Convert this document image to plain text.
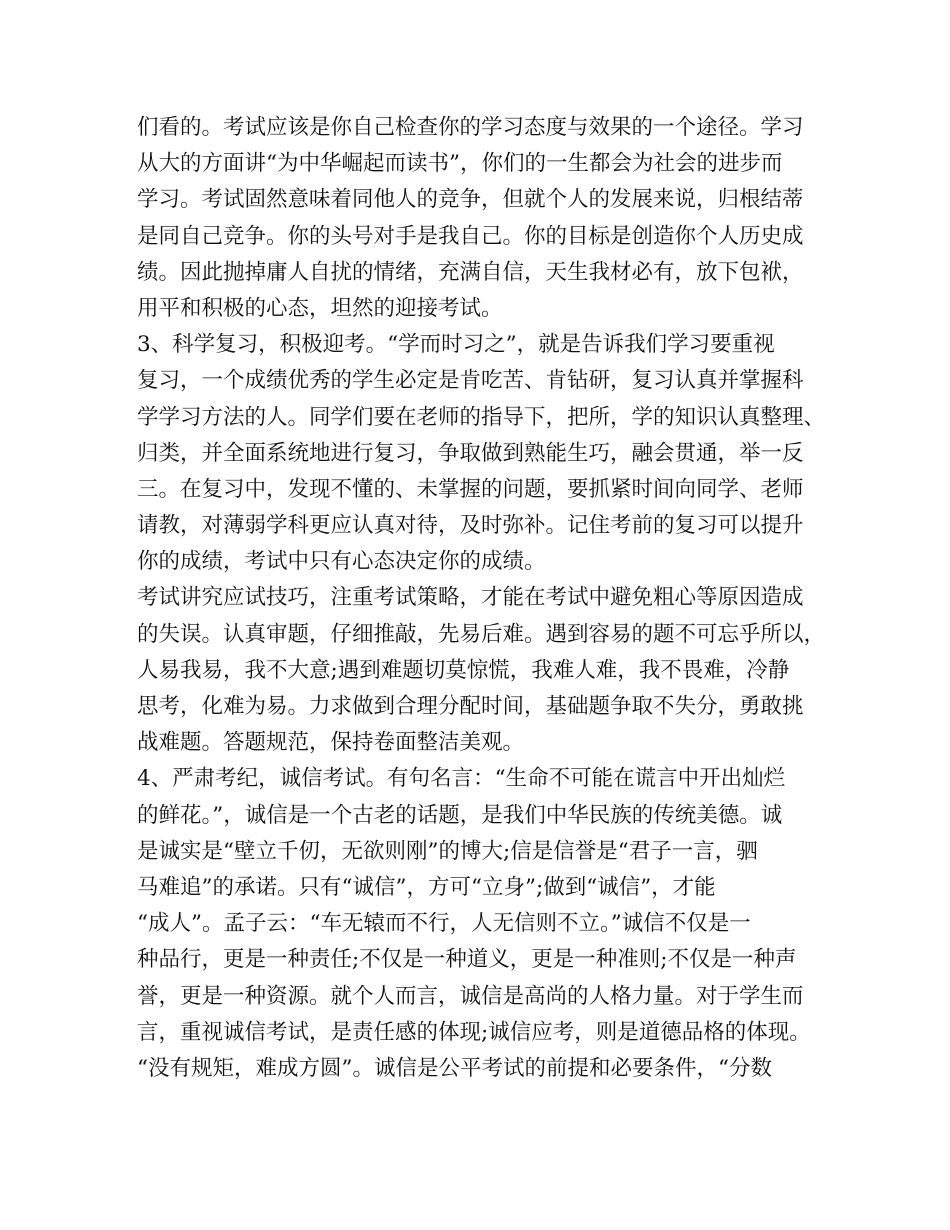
们看的。考试应该是你自己检查你的学习态度与效果的一个途径。学习
从大的方面讲“为中华崛起而读书”，你们的一生都会为社会的进步而
学习。考试固然意味着同他人的竞争，但就个人的发展来说，归根结蒂
是同自己竞争。你的头号对手是我自己。你的目标是创造你个人历史成
绩。因此抛掉庸人自扰的情绪，充满自信，天生我材必有，放下包袱，
用平和积极的心态，坦然的迎接考试。
3、科学复习，积极迎考。“学而时习之”，就是告诉我们学习要重视
复习，一个成绩优秀的学生必定是肯吃苦、肯钻研，复习认真并掌握科
学学习方法的人。同学们要在老师的指导下，把所，学的知识认真整理、
归类，并全面系统地进行复习，争取做到熟能生巧，融会贯通，举一反
三。在复习中，发现不懂的、未掌握的问题，要抓紧时间向同学、老师
请教，对薄弱学科更应认真对待，及时弥补。记住考前的复习可以提升
你的成绩，考试中只有心态决定你的成绩。
考试讲究应试技巧，注重考试策略，才能在考试中避免粗心等原因造成
的失误。认真审题，仔细推敲，先易后难。遇到容易的题不可忘乎所以，
人易我易，我不大意;遇到难题切莫惊慌，我难人难，我不畏难，冷静
思考，化难为易。力求做到合理分配时间，基础题争取不失分，勇敢挑
战难题。答题规范，保持卷面整洁美观。
4、严肃考纪，诚信考试。有句名言：“生命不可能在谎言中开出灿烂
的鲜花。”，诚信是一个古老的话题，是我们中华民族的传统美德。诚
是诚实是“壁立千仞，无欲则刚”的博大;信是信誉是“君子一言，驷
马难追”的承诺。只有“诚信”，方可“立身”;做到“诚信”，才能
“成人”。孟子云：“车无辕而不行，人无信则不立。”诚信不仅是一
种品行，更是一种责任;不仅是一种道义，更是一种准则;不仅是一种声
誉，更是一种资源。就个人而言，诚信是高尚的人格力量。对于学生而
言，重视诚信考试，是责任感的体现;诚信应考，则是道德品格的体现。
“没有规矩，难成方圆”。诚信是公平考试的前提和必要条件，“分数
